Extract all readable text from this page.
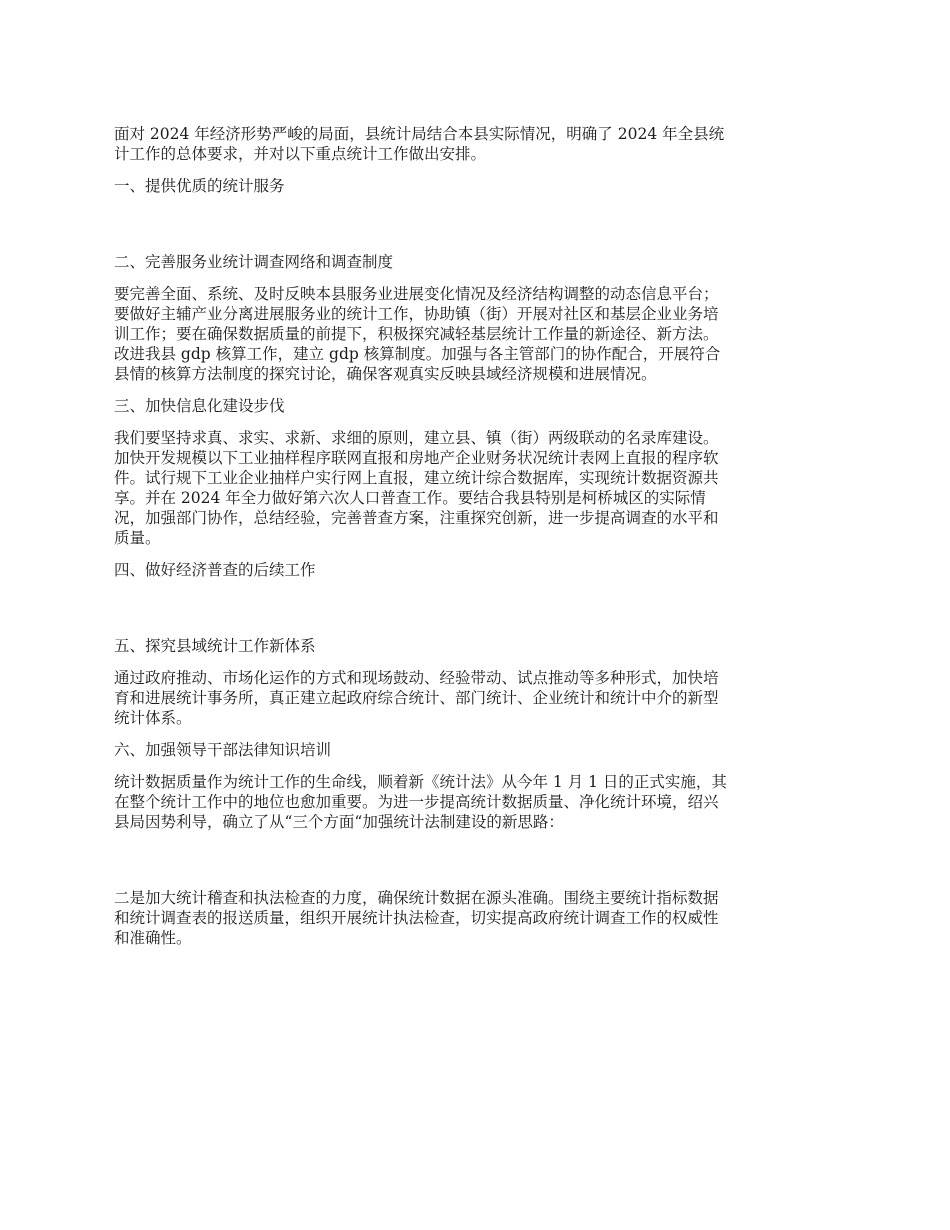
面对 2024 年经济形势严峻的局面，县统计局结合本县实际情况，明确了 2024 年全县统
计工作的总体要求，并对以下重点统计工作做出安排。
一、提供优质的统计服务
二、完善服务业统计调查网络和调查制度
要完善全面、系统、及时反映本县服务业进展变化情况及经济结构调整的动态信息平台；
要做好主辅产业分离进展服务业的统计工作，协助镇（街）开展对社区和基层企业业务培
训工作；要在确保数据质量的前提下，积极探究减轻基层统计工作量的新途径、新方法。
改进我县 gdp 核算工作，建立 gdp 核算制度。加强与各主管部门的协作配合，开展符合
县情的核算方法制度的探究讨论，确保客观真实反映县域经济规模和进展情况。
三、加快信息化建设步伐
我们要坚持求真、求实、求新、求细的原则，建立县、镇（街）两级联动的名录库建设。
加快开发规模以下工业抽样程序联网直报和房地产企业财务状况统计表网上直报的程序软
件。试行规下工业企业抽样户实行网上直报，建立统计综合数据库，实现统计数据资源共
享。并在 2024 年全力做好第六次人口普查工作。要结合我县特别是柯桥城区的实际情
况，加强部门协作，总结经验，完善普查方案，注重探究创新，进一步提高调查的水平和
质量。
四、做好经济普查的后续工作
五、探究县域统计工作新体系
通过政府推动、市场化运作的方式和现场鼓动、经验带动、试点推动等多种形式，加快培
育和进展统计事务所，真正建立起政府综合统计、部门统计、企业统计和统计中介的新型
统计体系。
六、加强领导干部法律知识培训
统计数据质量作为统计工作的生命线，顺着新《统计法》从今年 1 月 1 日的正式实施，其
在整个统计工作中的地位也愈加重要。为进一步提高统计数据质量、净化统计环境，绍兴
县局因势利导，确立了从“三个方面“加强统计法制建设的新思路：
二是加大统计稽查和执法检查的力度，确保统计数据在源头准确。围绕主要统计指标数据
和统计调查表的报送质量，组织开展统计执法检查，切实提高政府统计调查工作的权威性
和准确性。
